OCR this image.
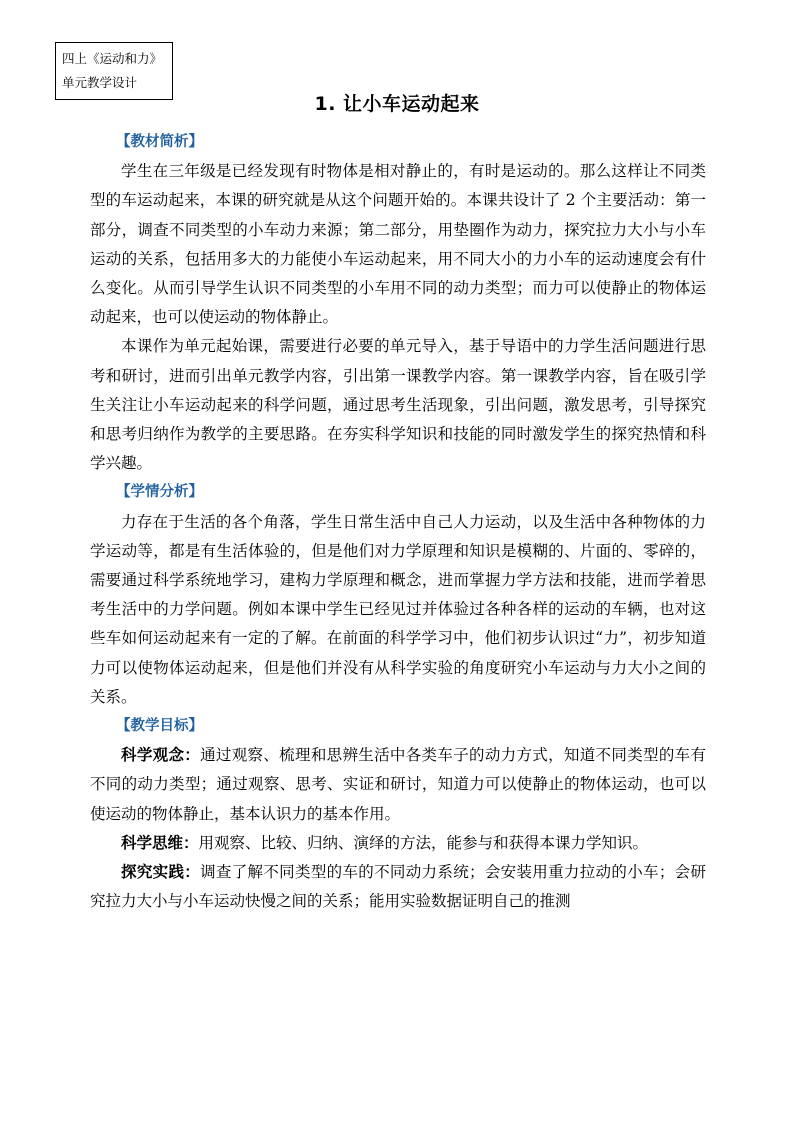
四上《运动和力》
单元教学设计
1. 让小车运动起来
【教材简析】

学生在三年级是已经发现有时物体是相对静止的，有时是运动的。那么这样让不同类型的车运动起来，本课的研究就是从这个问题开始的。本课共设计了 2 个主要活动：第一部分，调查不同类型的小车动力来源；第二部分，用垫圈作为动力，探究拉力大小与小车运动的关系，包括用多大的力能使小车运动起来，用不同大小的力小车的运动速度会有什么变化。从而引导学生认识不同类型的小车用不同的动力类型；而力可以使静止的物体运动起来，也可以使运动的物体静止。

本课作为单元起始课，需要进行必要的单元导入，基于导语中的力学生活问题进行思考和研讨，进而引出单元教学内容，引出第一课教学内容。第一课教学内容，旨在吸引学生关注让小车运动起来的科学问题，通过思考生活现象，引出问题，激发思考，引导探究和思考归纳作为教学的主要思路。在夯实科学知识和技能的同时激发学生的探究热情和科学兴趣。

【学情分析】

力存在于生活的各个角落，学生日常生活中自己人力运动，以及生活中各种物体的力学运动等，都是有生活体验的，但是他们对力学原理和知识是模糊的、片面的、零碎的，需要通过科学系统地学习，建构力学原理和概念，进而掌握力学方法和技能，进而学着思考生活中的力学问题。例如本课中学生已经见过并体验过各种各样的运动的车辆，也对这些车如何运动起来有一定的了解。在前面的科学学习中，他们初步认识过“力”，初步知道力可以使物体运动起来，但是他们并没有从科学实验的角度研究小车运动与力大小之间的关系。

【教学目标】

科学观念：通过观察、梳理和思辨生活中各类车子的动力方式，知道不同类型的车有不同的动力类型；通过观察、思考、实证和研讨，知道力可以使静止的物体运动，也可以使运动的物体静止，基本认识力的基本作用。

科学思维：用观察、比较、归纳、演绎的方法，能参与和获得本课力学知识。

探究实践：调查了解不同类型的车的不同动力系统；会安装用重力拉动的小车；会研究拉力大小与小车运动快慢之间的关系；能用实验数据证明自己的推测
